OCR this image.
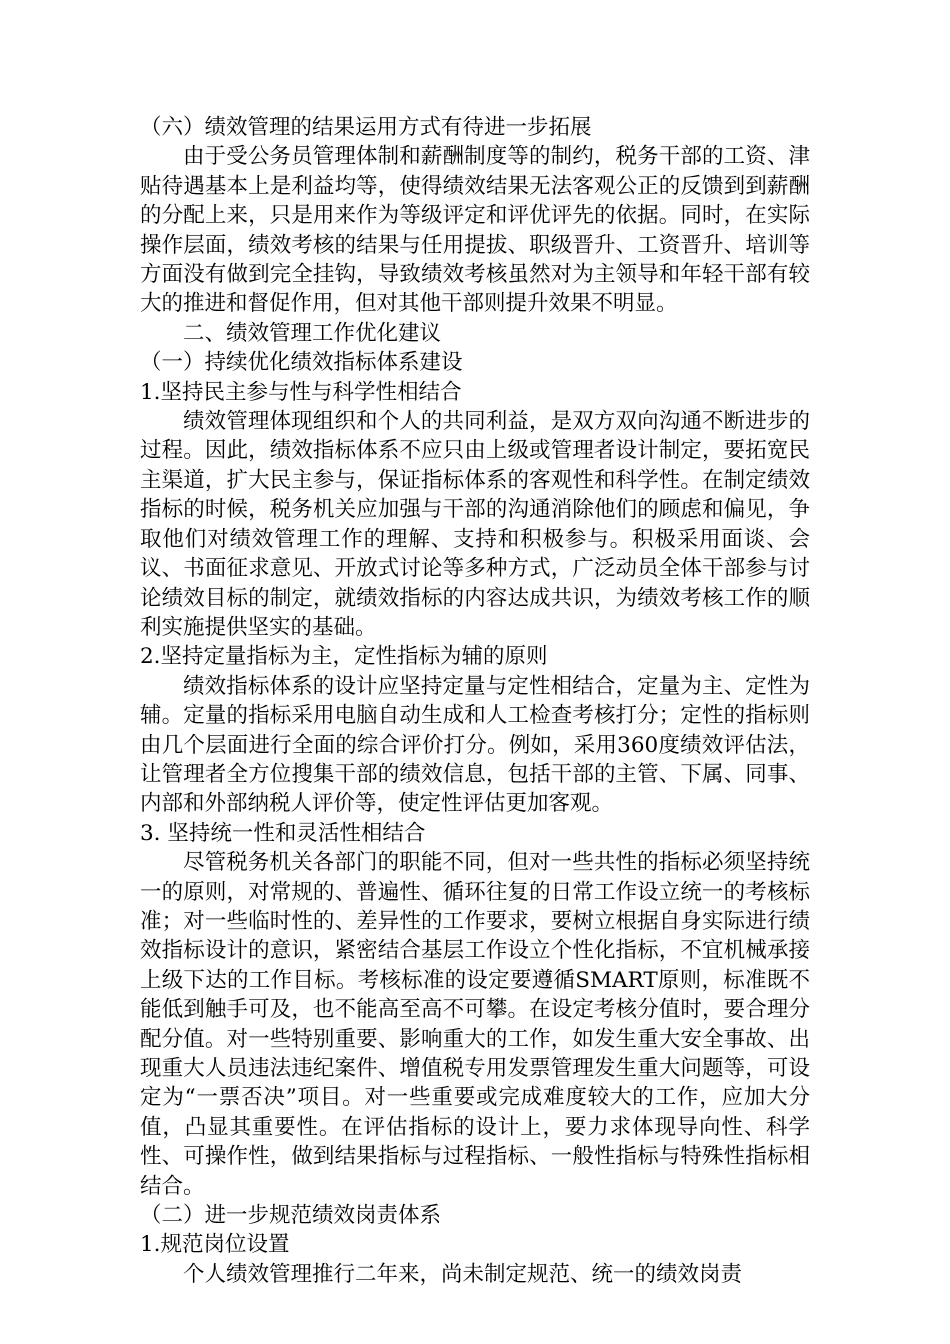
（六）绩效管理的结果运用方式有待进一步拓展

由于受公务员管理体制和薪酬制度等的制约，税务干部的工资、津贴待遇基本上是利益均等，使得绩效结果无法客观公正的反馈到到薪酬的分配上来，只是用来作为等级评定和评优评先的依据。同时，在实际操作层面，绩效考核的结果与任用提拔、职级晋升、工资晋升、培训等方面没有做到完全挂钩，导致绩效考核虽然对为主领导和年轻干部有较大的推进和督促作用，但对其他干部则提升效果不明显。

二、绩效管理工作优化建议

（一）持续优化绩效指标体系建设

1.坚持民主参与性与科学性相结合

绩效管理体现组织和个人的共同利益，是双方双向沟通不断进步的过程。因此，绩效指标体系不应只由上级或管理者设计制定，要拓宽民主渠道，扩大民主参与，保证指标体系的客观性和科学性。在制定绩效指标的时候，税务机关应加强与干部的沟通消除他们的顾虑和偏见，争取他们对绩效管理工作的理解、支持和积极参与。积极采用面谈、会议、书面征求意见、开放式讨论等多种方式，广泛动员全体干部参与讨论绩效目标的制定，就绩效指标的内容达成共识，为绩效考核工作的顺利实施提供坚实的基础。

2.坚持定量指标为主，定性指标为辅的原则

绩效指标体系的设计应坚持定量与定性相结合，定量为主、定性为辅。定量的指标采用电脑自动生成和人工检查考核打分；定性的指标则由几个层面进行全面的综合评价打分。例如，采用360度绩效评估法，让管理者全方位搜集干部的绩效信息，包括干部的主管、下属、同事、内部和外部纳税人评价等，使定性评估更加客观。

3. 坚持统一性和灵活性相结合

尽管税务机关各部门的职能不同，但对一些共性的指标必须坚持统一的原则，对常规的、普遍性、循环往复的日常工作设立统一的考核标准；对一些临时性的、差异性的工作要求，要树立根据自身实际进行绩效指标设计的意识，紧密结合基层工作设立个性化指标，不宜机械承接上级下达的工作目标。考核标准的设定要遵循SMART原则，标准既不能低到触手可及，也不能高至高不可攀。在设定考核分值时，要合理分配分值。对一些特别重要、影响重大的工作，如发生重大安全事故、出现重大人员违法违纪案件、增值税专用发票管理发生重大问题等，可设定为“一票否决”项目。对一些重要或完成难度较大的工作，应加大分值，凸显其重要性。在评估指标的设计上，要力求体现导向性、科学性、可操作性，做到结果指标与过程指标、一般性指标与特殊性指标相结合。

（二）进一步规范绩效岗责体系

1.规范岗位设置

个人绩效管理推行二年来，尚未制定规范、统一的绩效岗责
